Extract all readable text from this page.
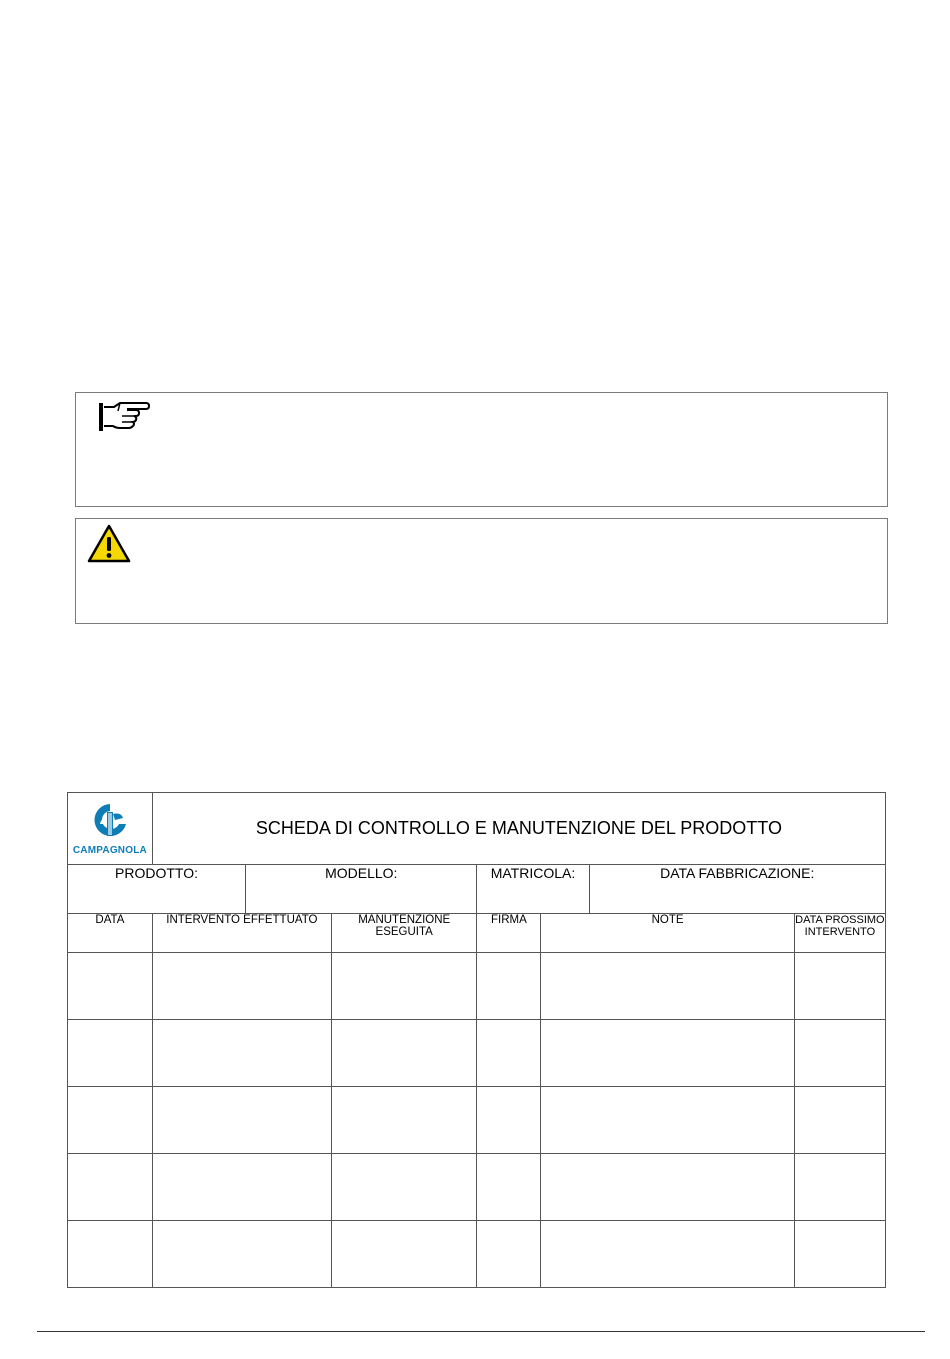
CAMPAGNOLA	SCHEDA DI CONTROLLO E MANUTENZIONE DEL PRODOTTO						
PRODOTTO:		MODELLO:		MATRICOLA:		DATA FABBRICAZIONE:	
DATA	INTERVENTO EFFETTUATO		MANUTENZIONE ESEGUITA	FIRMA	NOTE		DATA PROSSIMO INTERVENTO
